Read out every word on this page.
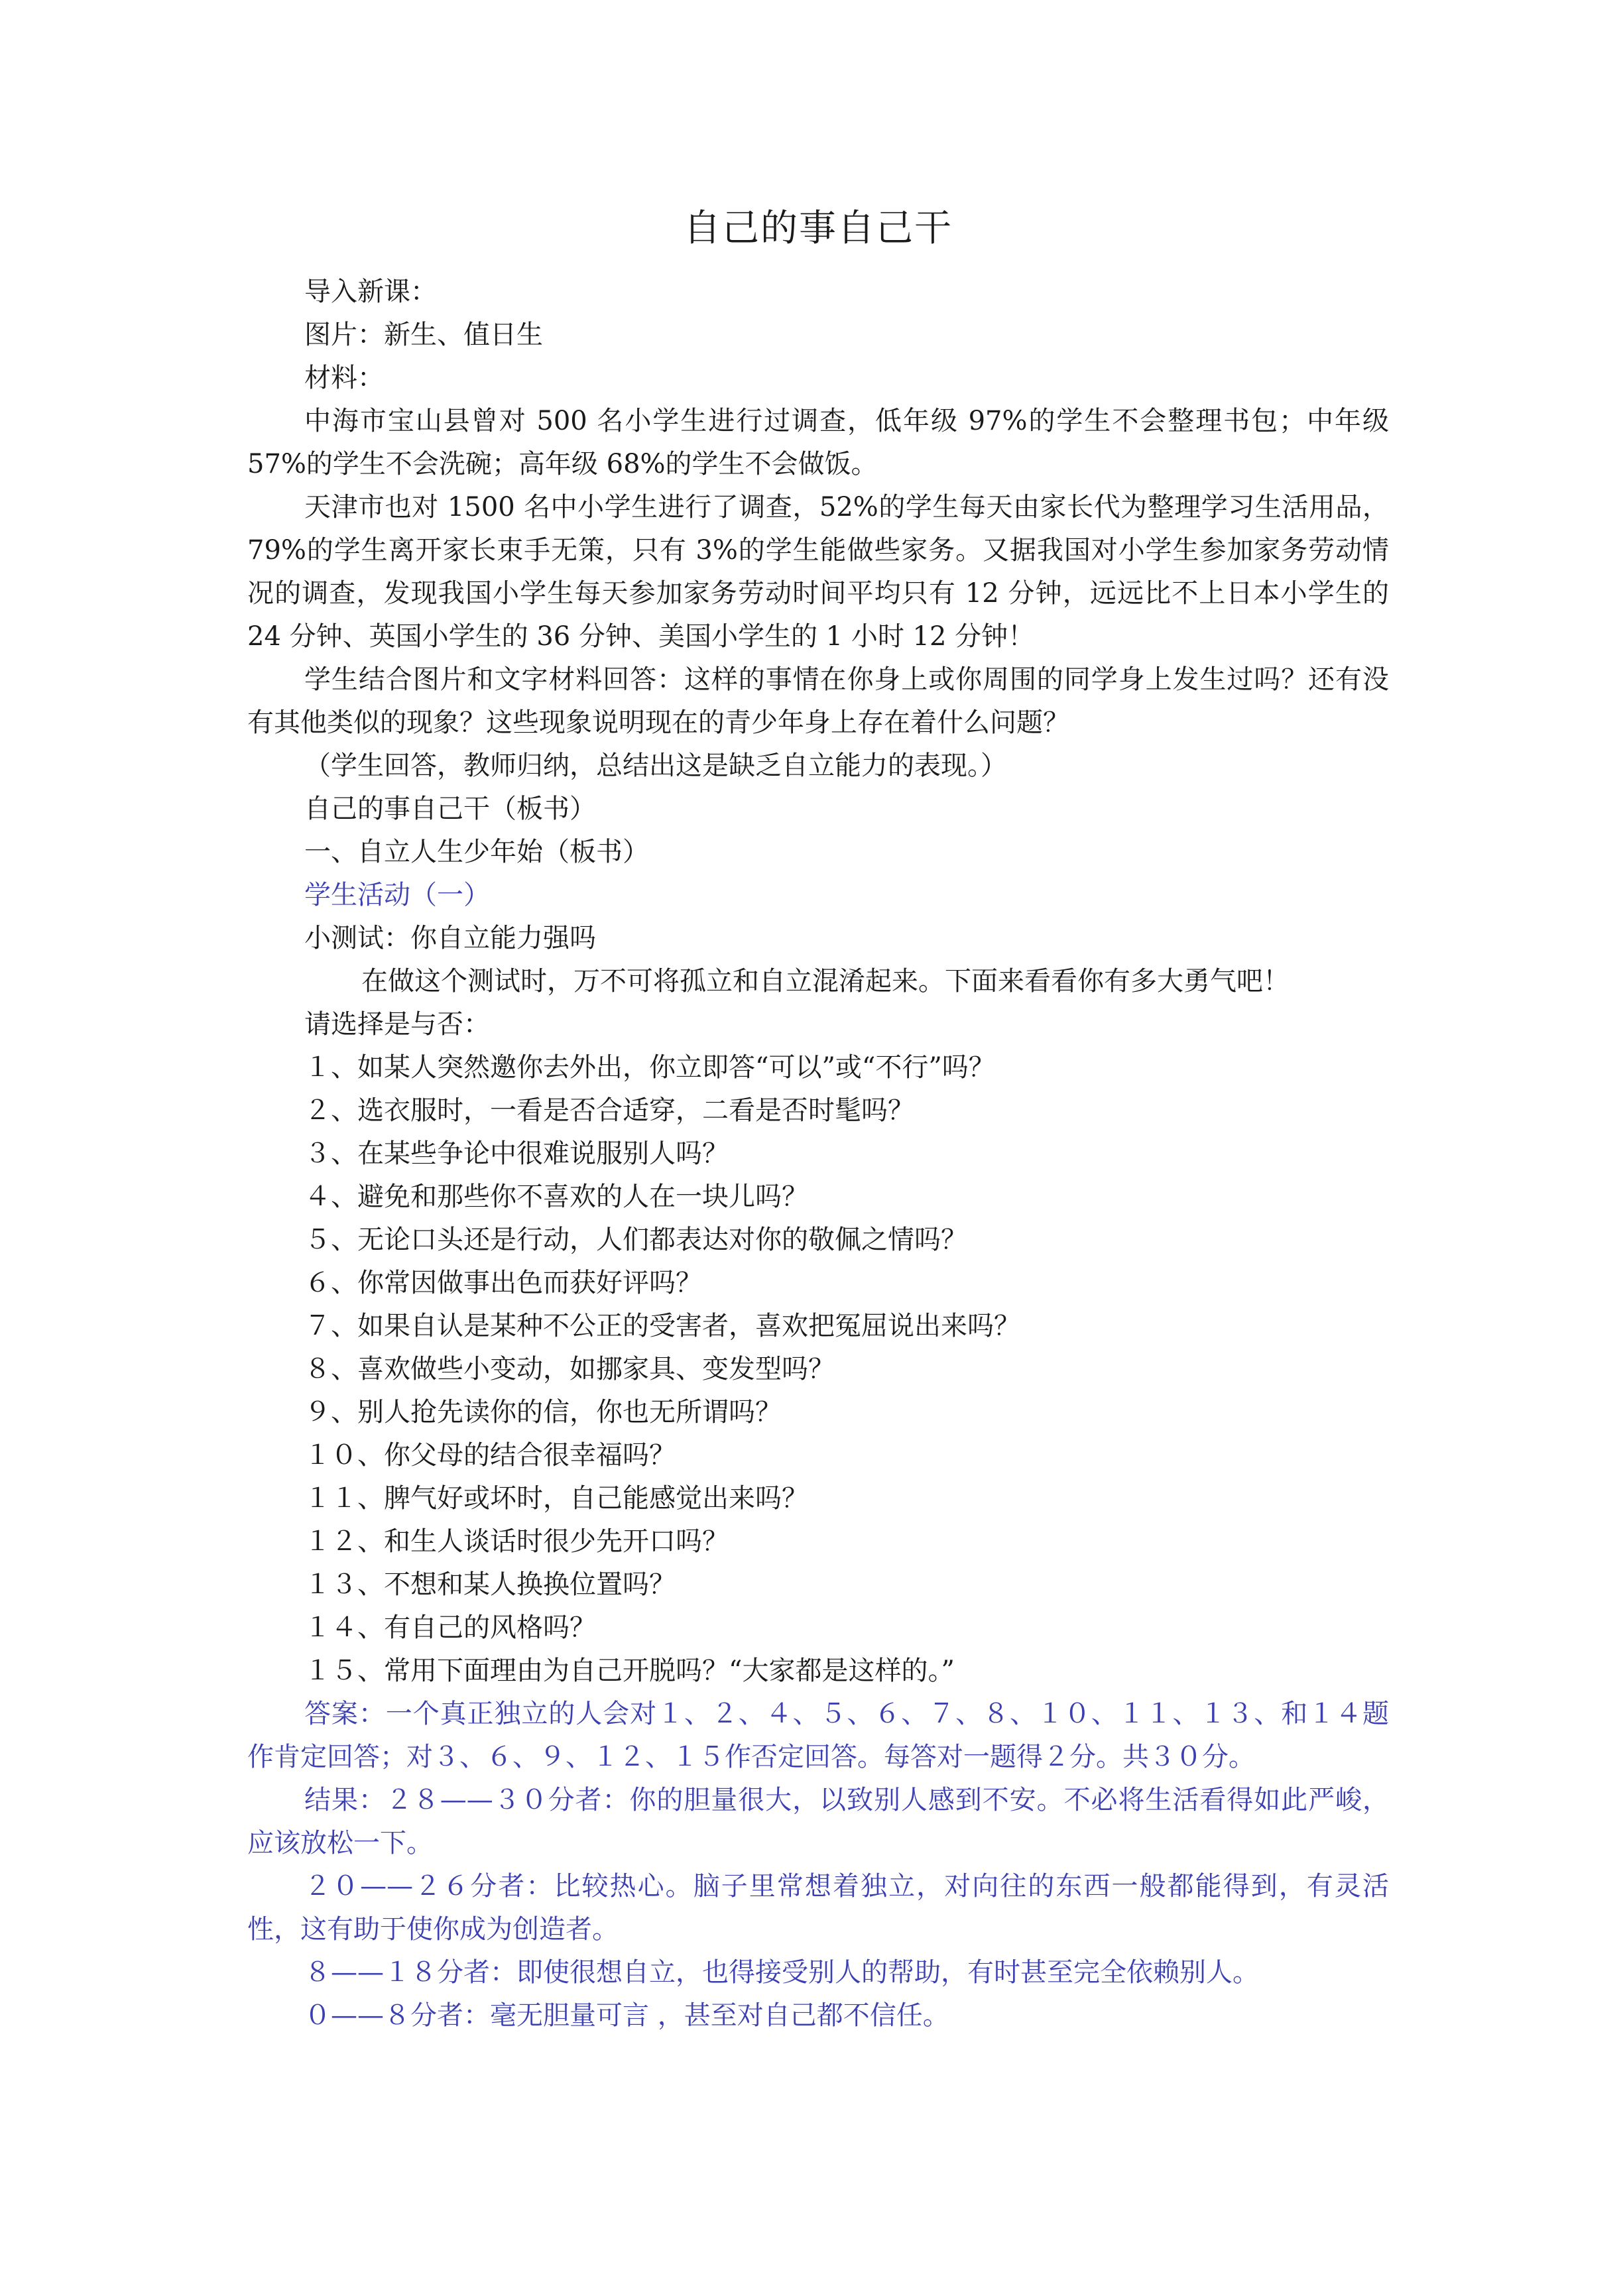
自己的事自己干

导入新课：

图片：新生、值日生

材料：

中海市宝山县曾对 500 名小学生进行过调查，低年级 97%的学生不会整理书包；中年级 57%的学生不会洗碗；高年级 68%的学生不会做饭。

天津市也对 1500 名中小学生进行了调查，52%的学生每天由家长代为整理学习生活用品，79%的学生离开家长束手无策，只有 3%的学生能做些家务。又据我国对小学生参加家务劳动情况的调查，发现我国小学生每天参加家务劳动时间平均只有 12 分钟，远远比不上日本小学生的 24 分钟、英国小学生的 36 分钟、美国小学生的 1 小时 12 分钟！

学生结合图片和文字材料回答：这样的事情在你身上或你周围的同学身上发生过吗？还有没有其他类似的现象？这些现象说明现在的青少年身上存在着什么问题？

（学生回答，教师归纳，总结出这是缺乏自立能力的表现。）

自己的事自己干（板书）

一、自立人生少年始（板书）

学生活动（一）

小测试：你自立能力强吗

在做这个测试时，万不可将孤立和自立混淆起来。下面来看看你有多大勇气吧！

请选择是与否：

１、如某人突然邀你去外出，你立即答“可以”或“不行”吗？
２、选衣服时，一看是否合适穿，二看是否时髦吗？
３、在某些争论中很难说服别人吗？
４、避免和那些你不喜欢的人在一块儿吗？
５、无论口头还是行动，人们都表达对你的敬佩之情吗？
６、你常因做事出色而获好评吗？
７、如果自认是某种不公正的受害者，喜欢把冤屈说出来吗？
８、喜欢做些小变动，如挪家具、变发型吗？
９、别人抢先读你的信，你也无所谓吗？
１０、你父母的结合很幸福吗？
１１、脾气好或坏时，自己能感觉出来吗？
１２、和生人谈话时很少先开口吗？
１３、不想和某人换换位置吗？
１４、有自己的风格吗？
１５、常用下面理由为自己开脱吗？“大家都是这样的。”

答案：一个真正独立的人会对１、２、４、５、６、７、８、１０、１１、１３、和１４题作肯定回答；对３、６、９、１２、１５作否定回答。每答对一题得２分。共３０分。

结果：２８——３０分者：你的胆量很大，以致别人感到不安。不必将生活看得如此严峻，应该放松一下。

２０——２６分者：比较热心。脑子里常想着独立，对向往的东西一般都能得到，有灵活性，这有助于使你成为创造者。

８——１８分者：即使很想自立，也得接受别人的帮助，有时甚至完全依赖别人。

０——８分者：毫无胆量可言 ，甚至对自己都不信任。
